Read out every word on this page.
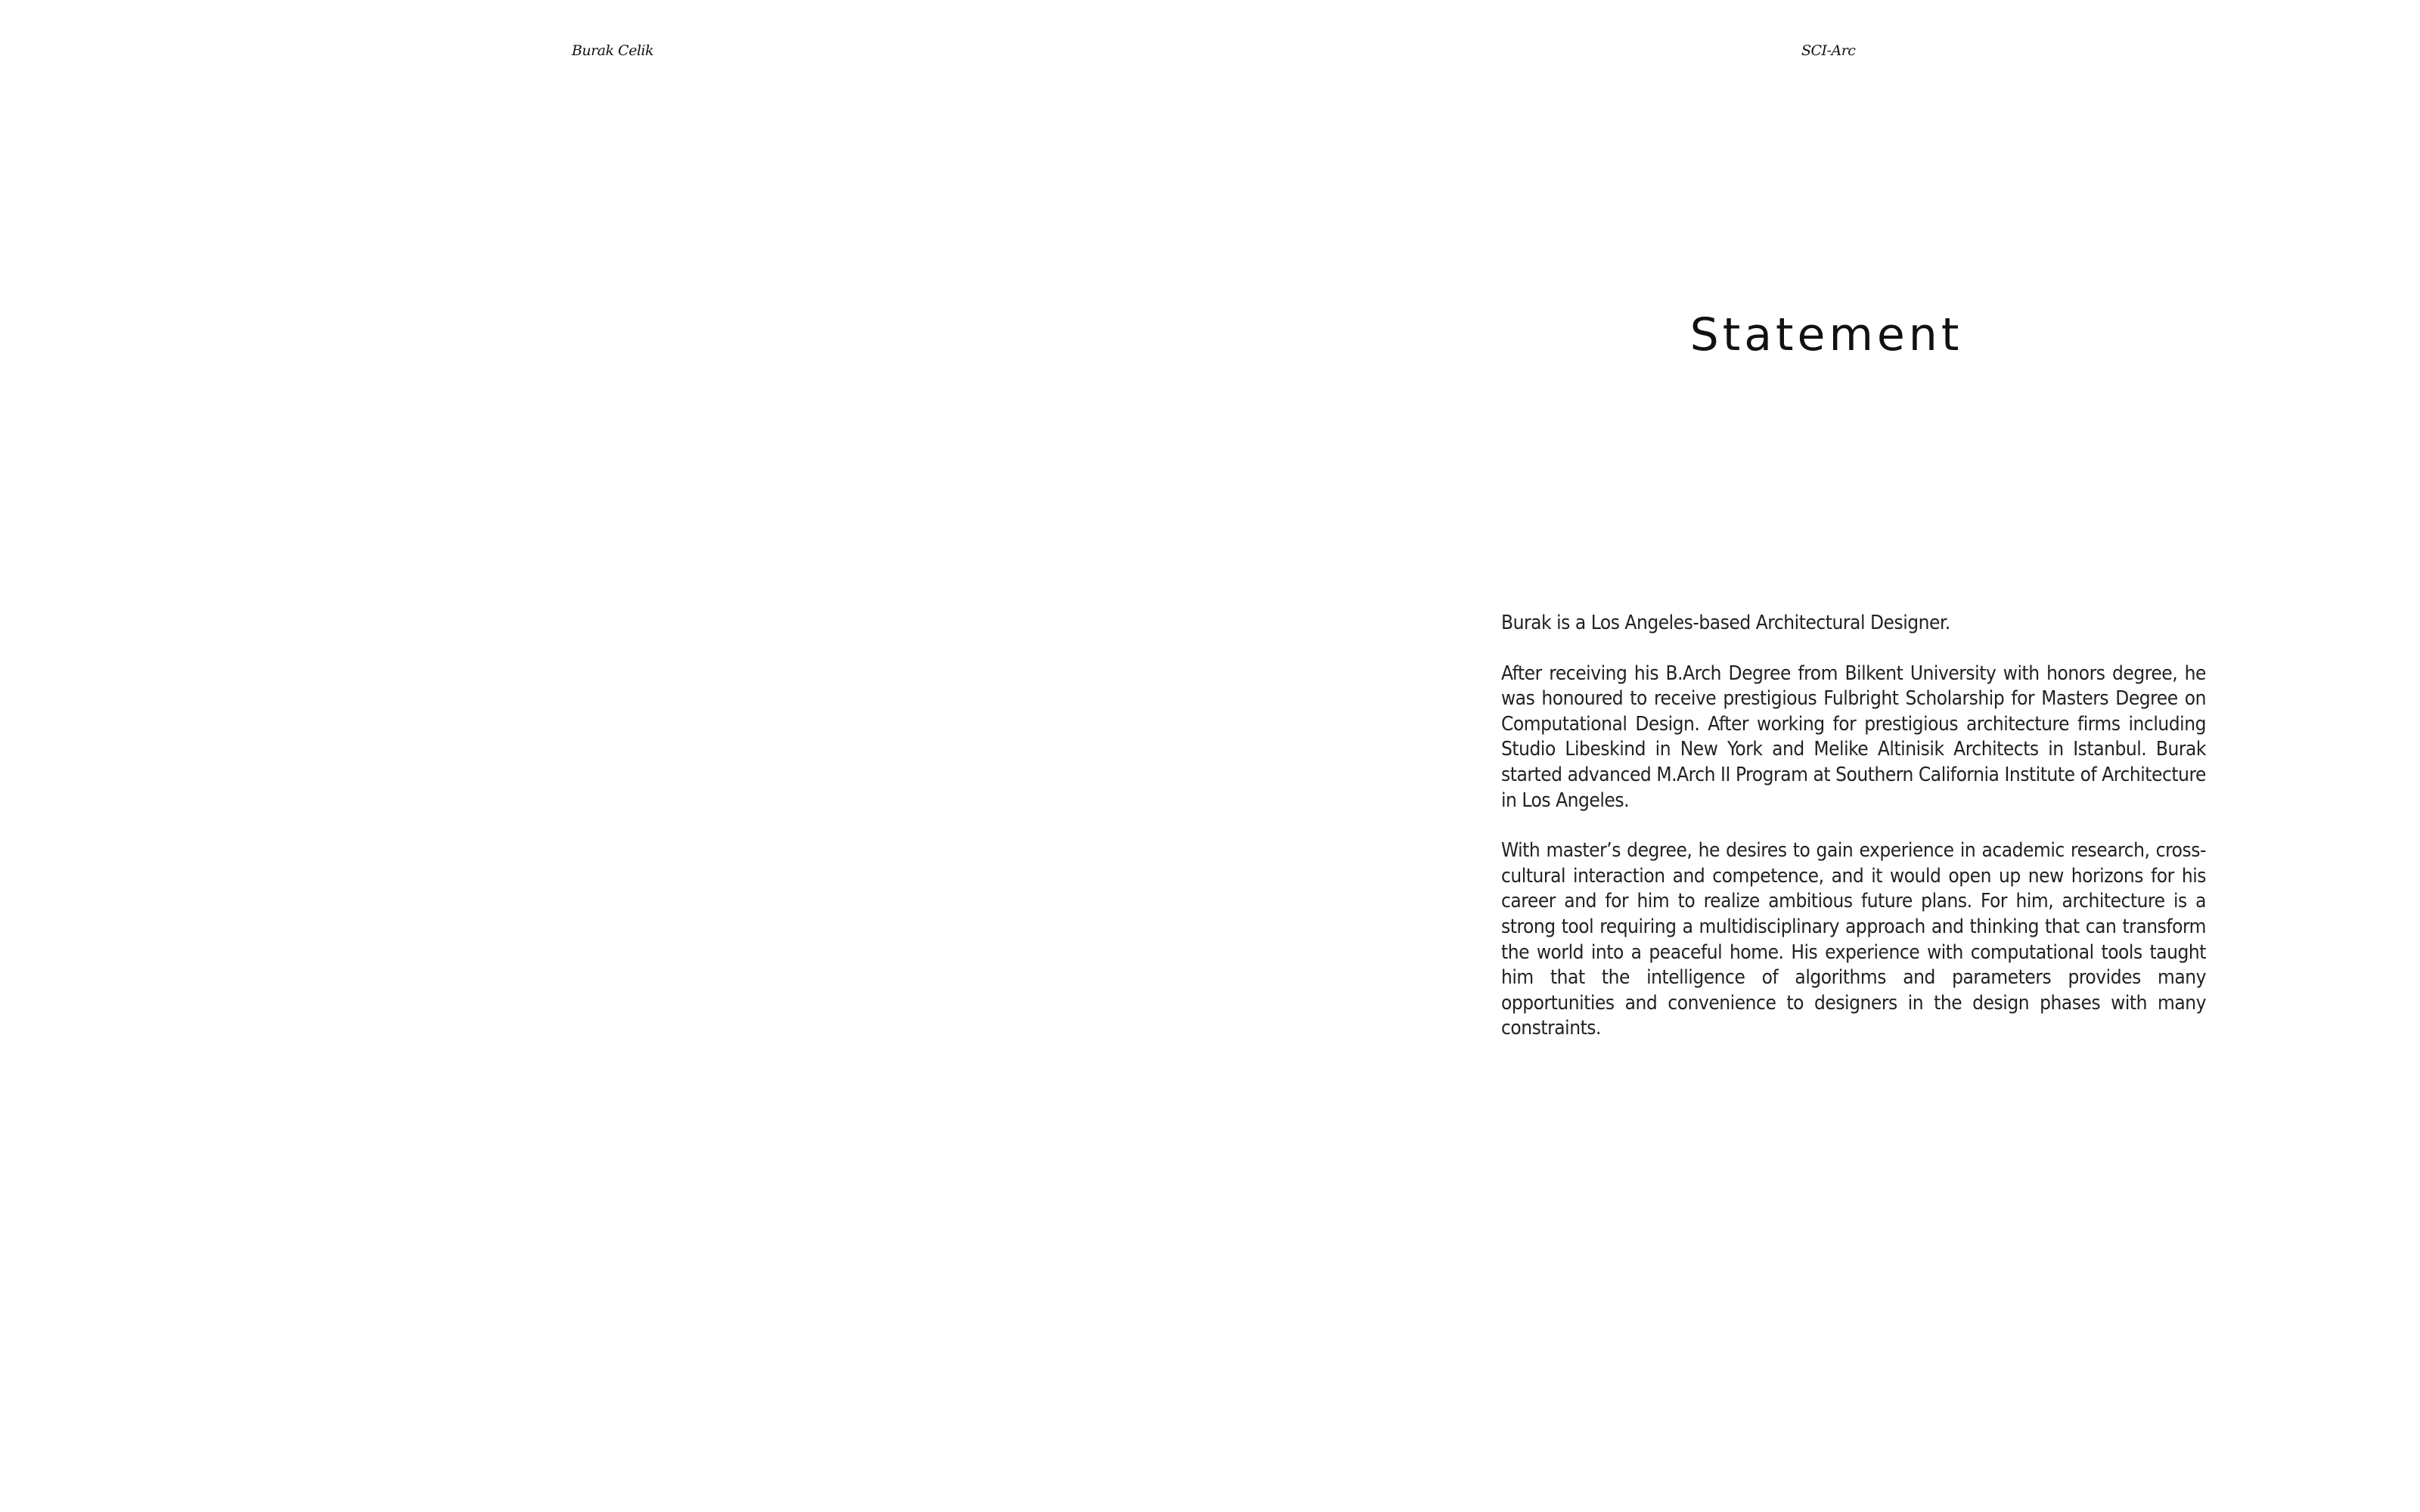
Burak Celik	SCI-Arc
Statement

Burak is a Los Angeles-based Architectural Designer.

After receiving his B.Arch Degree from Bilkent University with honors degree, he was honoured to receive prestigious Fulbright Scholarship for Masters Degree on Computational Design. After working for prestigious architecture firms including Studio Libeskind in New York and Melike Altinisik Architects in Istanbul. Burak started advanced M.Arch II Program at Southern California Institute of Architecture in Los Angeles.

With master’s degree, he desires to gain experience in academic research, cross-cultural interaction and competence, and it would open up new horizons for his career and for him to realize ambitious future plans. For him, architecture is a strong tool requiring a multidisciplinary approach and thinking that can transform the world into a peaceful home. His experience with computational tools taught him that the intelligence of algorithms and parameters provides many opportunities and convenience to designers in the design phases with many constraints.
